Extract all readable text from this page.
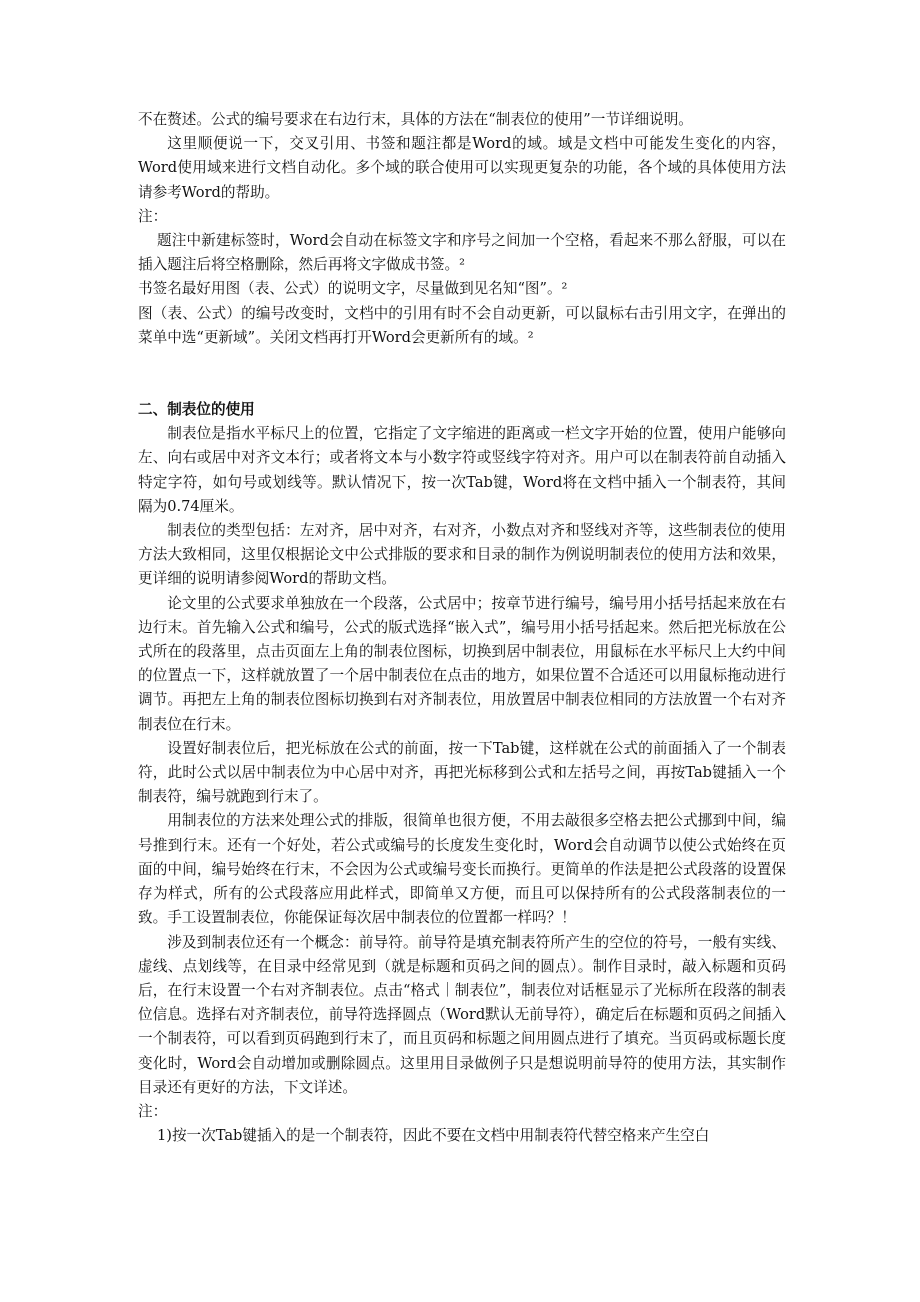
不在赘述。公式的编号要求在右边行末，具体的方法在“制表位的使用”一节详细说明。

这里顺便说一下，交叉引用、书签和题注都是Word的域。域是文档中可能发生变化的内容，Word使用域来进行文档自动化。多个域的联合使用可以实现更复杂的功能，各个域的具体使用方法请参考Word的帮助。

注：

题注中新建标签时，Word会自动在标签文字和序号之间加一个空格，看起来不那么舒服，可以在插入题注后将空格删除，然后再将文字做成书签。²

书签名最好用图（表、公式）的说明文字，尽量做到见名知“图”。²

图（表、公式）的编号改变时，文档中的引用有时不会自动更新，可以鼠标右击引用文字，在弹出的菜单中选“更新域”。关闭文档再打开Word会更新所有的域。²

二、制表位的使用

制表位是指水平标尺上的位置，它指定了文字缩进的距离或一栏文字开始的位置，使用户能够向左、向右或居中对齐文本行；或者将文本与小数字符或竖线字符对齐。用户可以在制表符前自动插入特定字符，如句号或划线等。默认情况下，按一次Tab键，Word将在文档中插入一个制表符，其间隔为0.74厘米。

制表位的类型包括：左对齐，居中对齐，右对齐，小数点对齐和竖线对齐等，这些制表位的使用方法大致相同，这里仅根据论文中公式排版的要求和目录的制作为例说明制表位的使用方法和效果，更详细的说明请参阅Word的帮助文档。

论文里的公式要求单独放在一个段落，公式居中；按章节进行编号，编号用小括号括起来放在右边行末。首先输入公式和编号，公式的版式选择“嵌入式”，编号用小括号括起来。然后把光标放在公式所在的段落里，点击页面左上角的制表位图标，切换到居中制表位，用鼠标在水平标尺上大约中间的位置点一下，这样就放置了一个居中制表位在点击的地方，如果位置不合适还可以用鼠标拖动进行调节。再把左上角的制表位图标切换到右对齐制表位，用放置居中制表位相同的方法放置一个右对齐制表位在行末。

设置好制表位后，把光标放在公式的前面，按一下Tab键，这样就在公式的前面插入了一个制表符，此时公式以居中制表位为中心居中对齐，再把光标移到公式和左括号之间，再按Tab键插入一个制表符，编号就跑到行末了。

用制表位的方法来处理公式的排版，很简单也很方便，不用去敲很多空格去把公式挪到中间，编号推到行末。还有一个好处，若公式或编号的长度发生变化时，Word会自动调节以使公式始终在页面的中间，编号始终在行末，不会因为公式或编号变长而换行。更简单的作法是把公式段落的设置保存为样式，所有的公式段落应用此样式，即简单又方便，而且可以保持所有的公式段落制表位的一致。手工设置制表位，你能保证每次居中制表位的位置都一样吗？！

涉及到制表位还有一个概念：前导符。前导符是填充制表符所产生的空位的符号，一般有实线、虚线、点划线等，在目录中经常见到（就是标题和页码之间的圆点）。制作目录时，敲入标题和页码后，在行末设置一个右对齐制表位。点击“格式｜制表位”，制表位对话框显示了光标所在段落的制表位信息。选择右对齐制表位，前导符选择圆点（Word默认无前导符），确定后在标题和页码之间插入一个制表符，可以看到页码跑到行末了，而且页码和标题之间用圆点进行了填充。当页码或标题长度变化时，Word会自动增加或删除圆点。这里用目录做例子只是想说明前导符的使用方法，其实制作目录还有更好的方法，下文详述。

注：

1)按一次Tab键插入的是一个制表符，因此不要在文档中用制表符代替空格来产生空白
